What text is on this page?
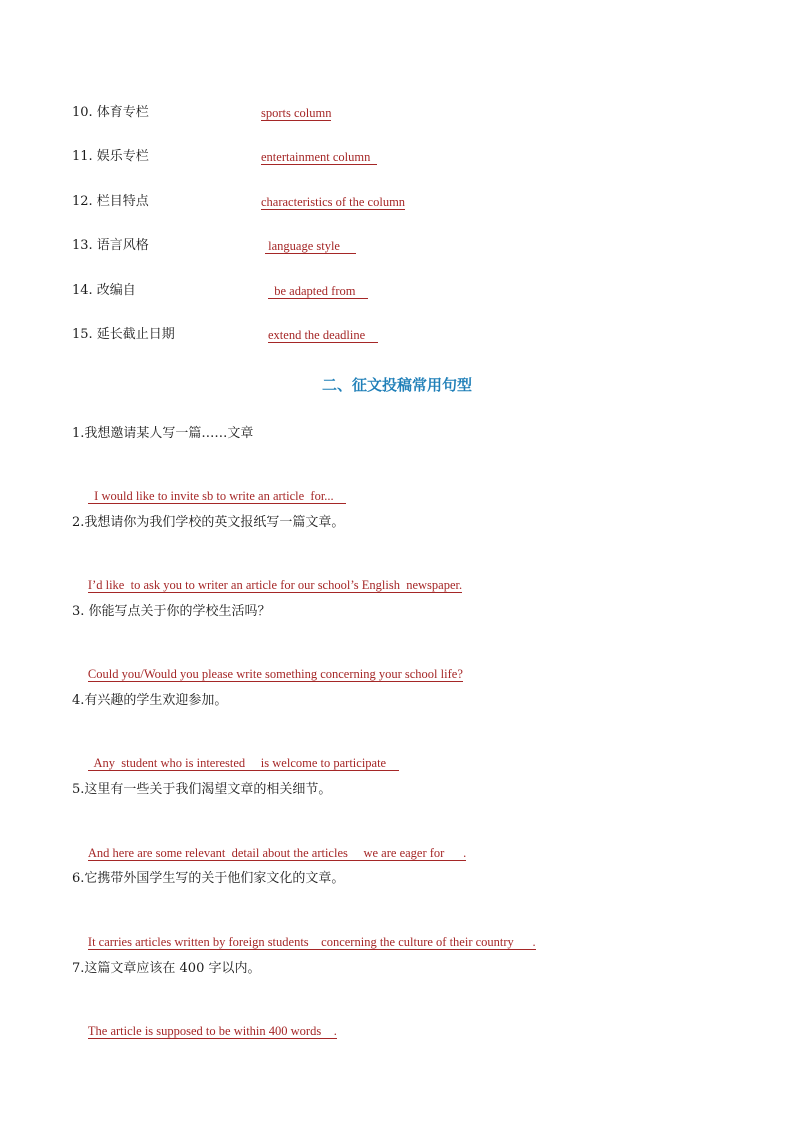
10. 体育专栏	sports column
11. 娱乐专栏	entertainment column
12. 栏目特点	characteristics of the column
13. 语言风格	language style
14. 改编自	be adapted from
15. 延长截止日期	extend the deadline
二、征文投稿常用句型
1.我想邀请某人写一篇……文章

I would like to invite sb to write an article  for...

2.我想请你为我们学校的英文报纸写一篇文章。

I’d like  to ask you to writer an article for our school’s English  newspaper.

3. 你能写点关于你的学校生活吗？

Could you/Would you please write something concerning your school life?

4.有兴趣的学生欢迎参加。

Any  student who is interested     is welcome to participate

5.这里有一些关于我们渴望文章的相关细节。

And here are some relevant  detail about the articles     we are eager for      .

6.它携带外国学生写的关于他们家文化的文章。

It carries articles written by foreign students    concerning the culture of their country      .

7.这篇文章应该在 400 字以内。

The article is supposed to be within 400 words    .
